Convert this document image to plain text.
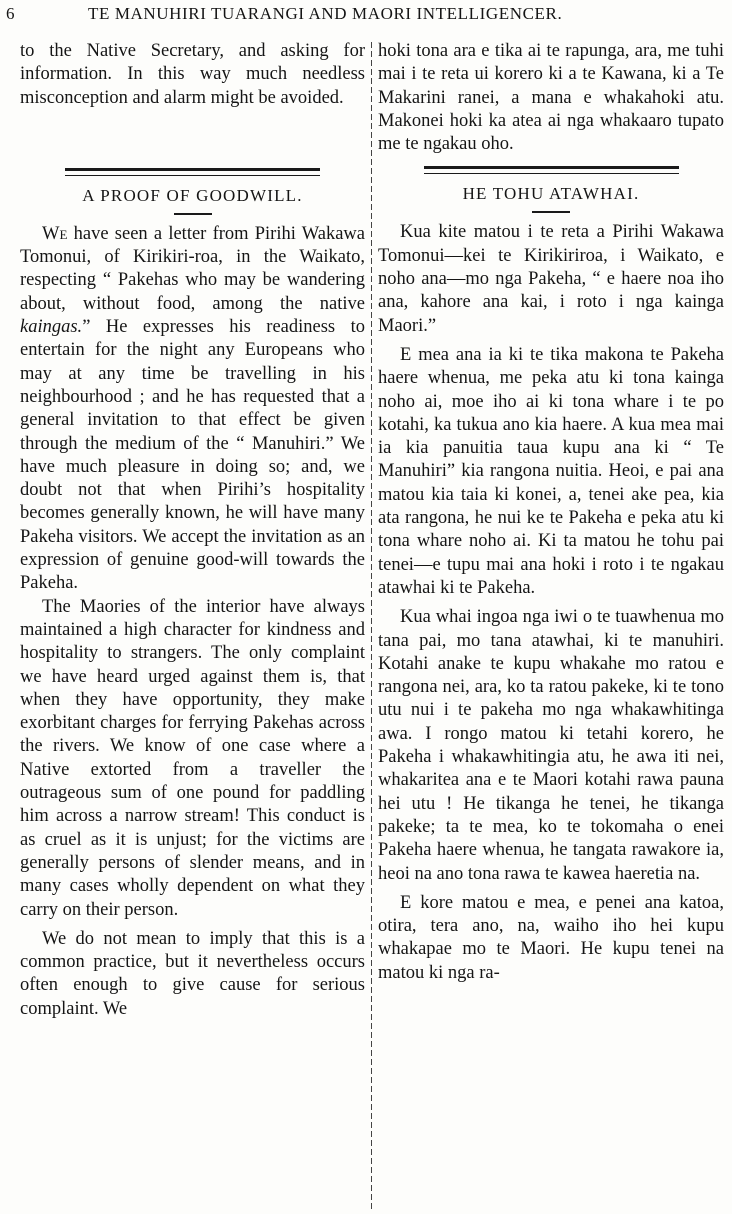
6	TE MANUHIRI TUARANGI AND MAORI INTELLIGENCER.

to the Native Secretary, and asking for information. In this way much needless misconception and alarm might be avoided.

A PROOF OF GOODWILL.

We have seen a letter from Pirihi Wakawa Tomonui, of Kirikiri-roa, in the Waikato, respecting “ Pakehas who may be wandering about, without food, among the native kaingas.” He expresses his readiness to entertain for the night any Europeans who may at any time be travelling in his neighbourhood ; and he has requested that a general invitation to that effect be given through the medium of the “ Manuhiri.” We have much pleasure in doing so; and, we doubt not that when Pirihi’s hospitality becomes generally known, he will have many Pakeha visitors. We accept the invitation as an expression of genuine good-will towards the Pakeha.

The Maories of the interior have always maintained a high character for kindness and hospitality to strangers. The only complaint we have heard urged against them is, that when they have opportunity, they make exorbitant charges for ferrying Pakehas across the rivers. We know of one case where a Native extorted from a traveller the outrageous sum of one pound for paddling him across a narrow stream! This conduct is as cruel as it is unjust; for the victims are generally persons of slender means, and in many cases wholly dependent on what they carry on their person.

We do not mean to imply that this is a common practice, but it nevertheless occurs often enough to give cause for serious complaint. We

hoki tona ara e tika ai te rapunga, ara, me tuhi mai i te reta ui korero ki a te Kawana, ki a Te Makarini ranei, a mana e whakahoki atu. Makonei hoki ka atea ai nga whakaaro tupato me te ngakau oho.

HE TOHU ATAWHAI.

Kua kite matou i te reta a Pirihi Wakawa Tomonui—kei te Kirikiriroa, i Waikato, e noho ana—mo nga Pakeha, “ e haere noa iho ana, kahore ana kai, i roto i nga kainga Maori.”

E mea ana ia ki te tika makona te Pakeha haere whenua, me peka atu ki tona kainga noho ai, moe iho ai ki tona whare i te po kotahi, ka tukua ano kia haere. A kua mea mai ia kia panuitia taua kupu ana ki “ Te Manuhiri” kia rangona nuitia. Heoi, e pai ana matou kia taia ki konei, a, tenei ake pea, kia ata rangona, he nui ke te Pakeha e peka atu ki tona whare noho ai. Ki ta matou he tohu pai tenei—e tupu mai ana hoki i roto i te ngakau atawhai ki te Pakeha.

Kua whai ingoa nga iwi o te tuawhenua mo tana pai, mo tana atawhai, ki te manuhiri. Kotahi anake te kupu whakahe mo ratou e rangona nei, ara, ko ta ratou pakeke, ki te tono utu nui i te pakeha mo nga whakawhitinga awa. I rongo matou ki tetahi korero, he Pakeha i whakawhitingia atu, he awa iti nei, whakaritea ana e te Maori kotahi rawa pauna hei utu ! He tikanga he tenei, he tikanga pakeke; ta te mea, ko te tokomaha o enei Pakeha haere whenua, he tangata rawakore ia, heoi na ano tona rawa te kawea haeretia na.

E kore matou e mea, e penei ana katoa, otira, tera ano, na, waiho iho hei kupu whakapae mo te Maori. He kupu tenei na matou ki nga ra-
